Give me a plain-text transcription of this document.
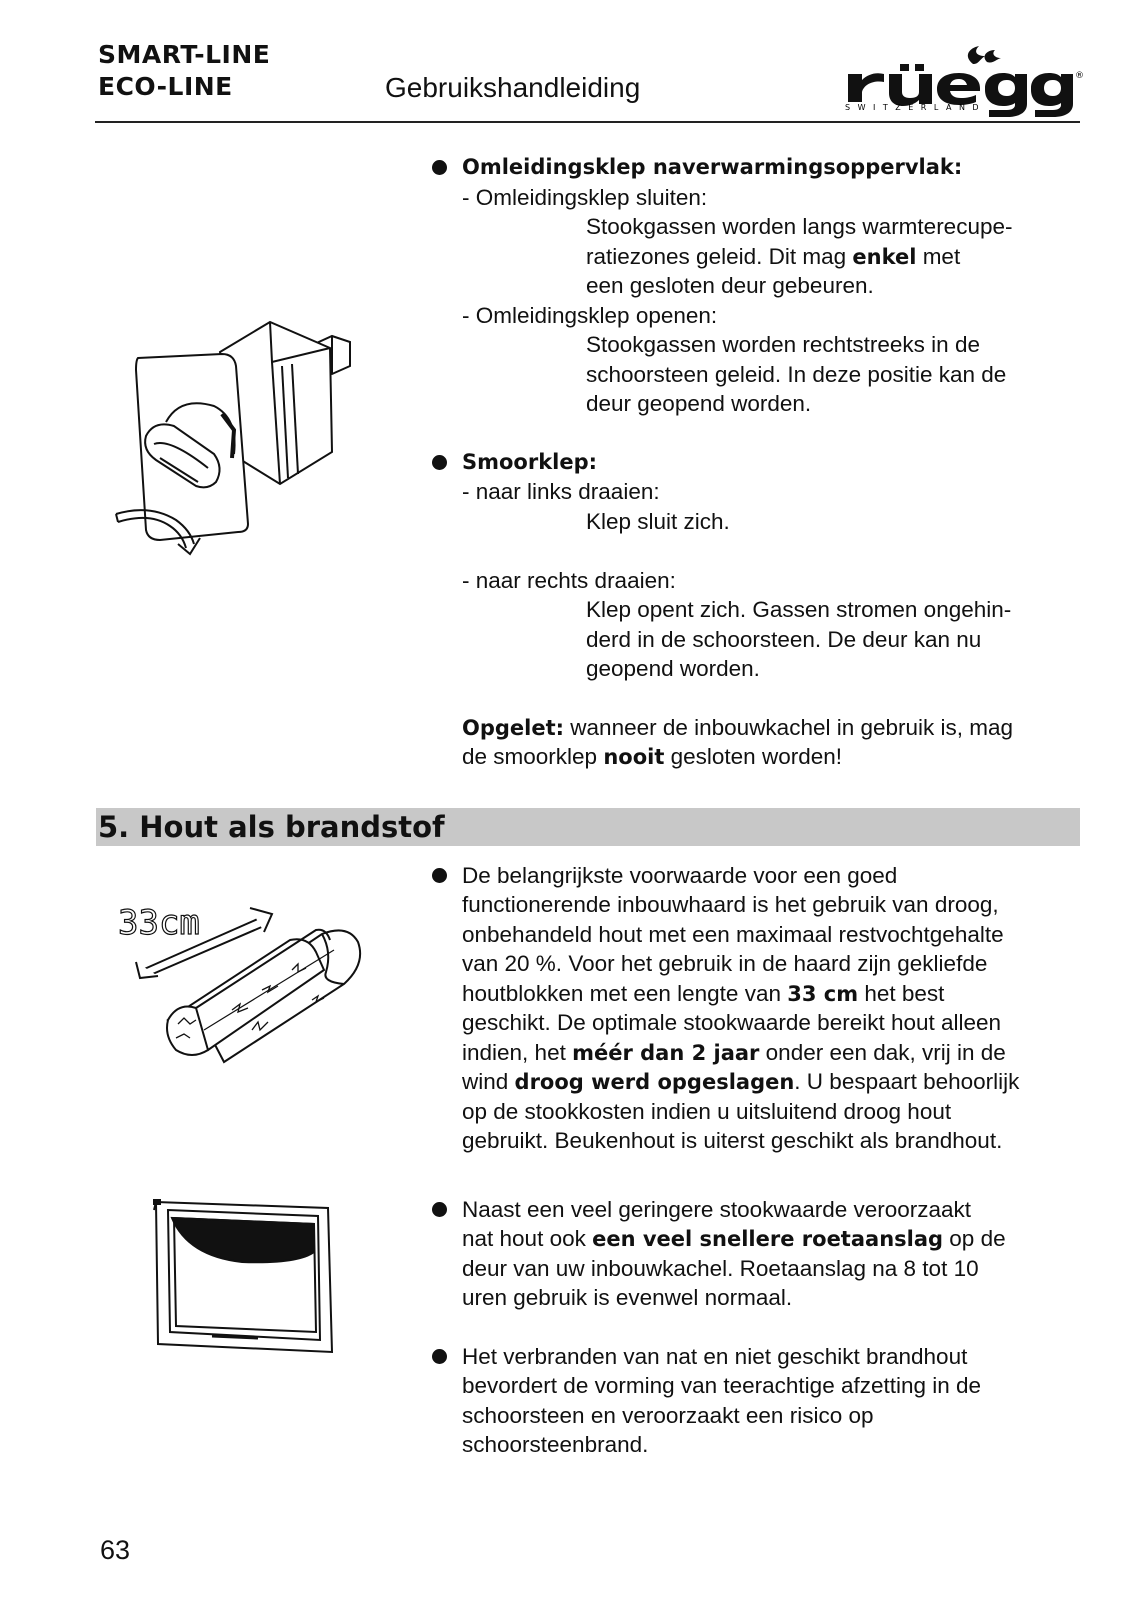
SMART-LINE
ECO-LINE	Gebruikshandleiding	®
SWITZERLAND
Omleidingsklep naverwarmingsoppervlak:
- Omleidingsklep sluiten:
Stookgassen worden langs warmterecupe-
ratiezones geleid. Dit mag enkel met
een gesloten deur gebeuren.
- Omleidingsklep openen:
Stookgassen worden rechtstreeks in de
schoorsteen geleid. In deze positie kan de
deur geopend worden.
Smoorklep:
- naar links draaien:
Klep sluit zich.
- naar rechts draaien:
Klep opent zich. Gassen stromen ongehin-
derd in de schoorsteen. De deur kan nu
geopend worden.
Opgelet: wanneer de inbouwkachel in gebruik is, mag
de smoorklep nooit gesloten worden!
5. Hout als brandstof
33cm
De belangrijkste voorwaarde voor een goed
functionerende inbouwhaard is het gebruik van droog,
onbehandeld hout met een maximaal restvochtgehalte
van 20 %. Voor het gebruik in de haard zijn gekliefde
houtblokken met een lengte van 33 cm het best
geschikt. De optimale stookwaarde bereikt hout alleen
indien, het méér dan 2 jaar onder een dak, vrij in de
wind droog werd opgeslagen. U bespaart behoorlijk
op de stookkosten indien u uitsluitend droog hout
gebruikt. Beukenhout is uiterst geschikt als brandhout.
Naast een veel geringere stookwaarde veroorzaakt
nat hout ook een veel snellere roetaanslag op de
deur van uw inbouwkachel. Roetaanslag na 8 tot 10
uren gebruik is evenwel normaal.
Het verbranden van nat en niet geschikt brandhout
bevordert de vorming van teerachtige afzetting in de
schoorsteen en veroorzaakt een risico op
schoorsteenbrand.
63
